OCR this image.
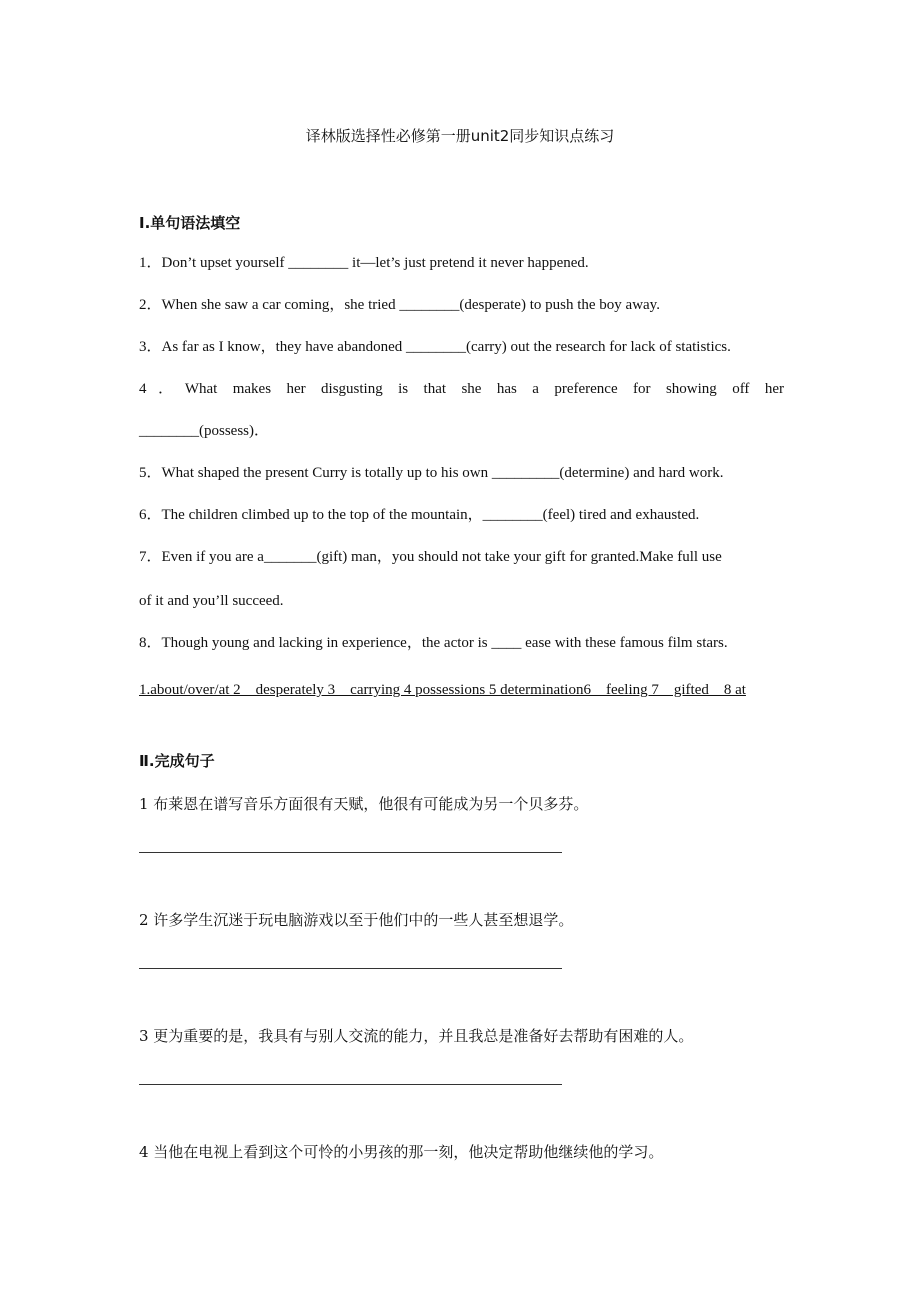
译林版选择性必修第一册unit2同步知识点练习
Ⅰ.单句语法填空
1．Don’t upset yourself ________ it—let’s just pretend it never happened.
2．When she saw a car coming，she tried ________(desperate) to push the boy away.
3．As far as I know，they have abandoned ________(carry) out the research for lack of statistics.
4．What makes her disgusting is that she has a preference for showing off her
________(possess)．
5．What shaped the present Curry is totally up to his own _________(determine) and hard work.
6．The children climbed up to the top of the mountain，________(feel) tired and exhausted.
7．Even if you are a_______(gift) man，you should not take your gift for granted.Make full use
of it and you’ll succeed.
8．Though young and lacking in experience，the actor is ____ ease with these famous film stars.
1.about/over/at 2　desperately 3　carrying 4 possessions 5 determination6　feeling 7　gifted　8 at
Ⅱ.完成句子
1 布莱恩在谱写音乐方面很有天赋，他很有可能成为另一个贝多芬。
2 许多学生沉迷于玩电脑游戏以至于他们中的一些人甚至想退学。
3 更为重要的是，我具有与别人交流的能力，并且我总是准备好去帮助有困难的人。
4 当他在电视上看到这个可怜的小男孩的那一刻，他决定帮助他继续他的学习。
